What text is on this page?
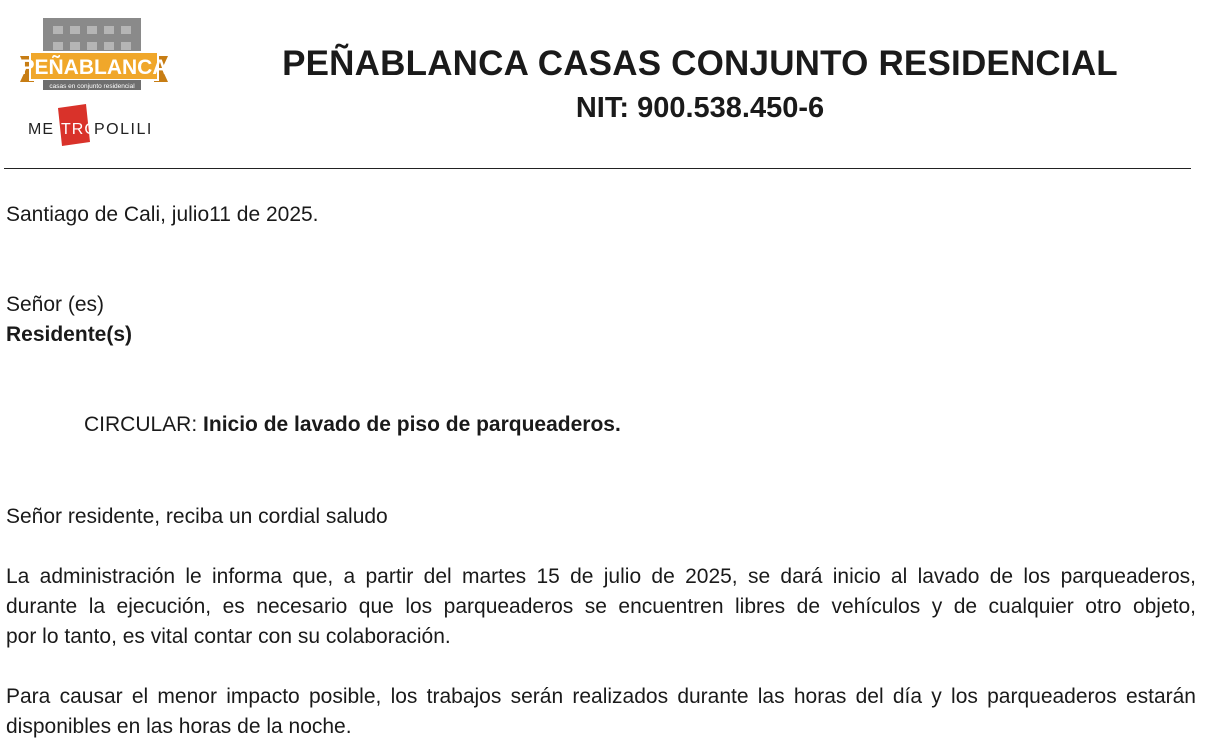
PEÑABLANCA
casas en conjunto residencial
ME TRÓ
POLILI
PEÑABLANCA CASAS CONJUNTO RESIDENCIAL
NIT: 900.538.450-6
Santiago de Cali, julio11 de 2025.
Señor (es)
Residente(s)
CIRCULAR: Inicio de lavado de piso de parqueaderos.
Señor residente, reciba un cordial saludo
La administración le informa que, a partir del martes 15 de julio de 2025, se dará inicio al lavado de los parqueaderos,
durante la ejecución, es necesario que los parqueaderos se encuentren libres de vehículos y de cualquier otro objeto,
por lo tanto, es vital contar con su colaboración.
Para causar el menor impacto posible, los trabajos serán realizados durante las horas del día y los parqueaderos estarán
disponibles en las horas de la noche.
